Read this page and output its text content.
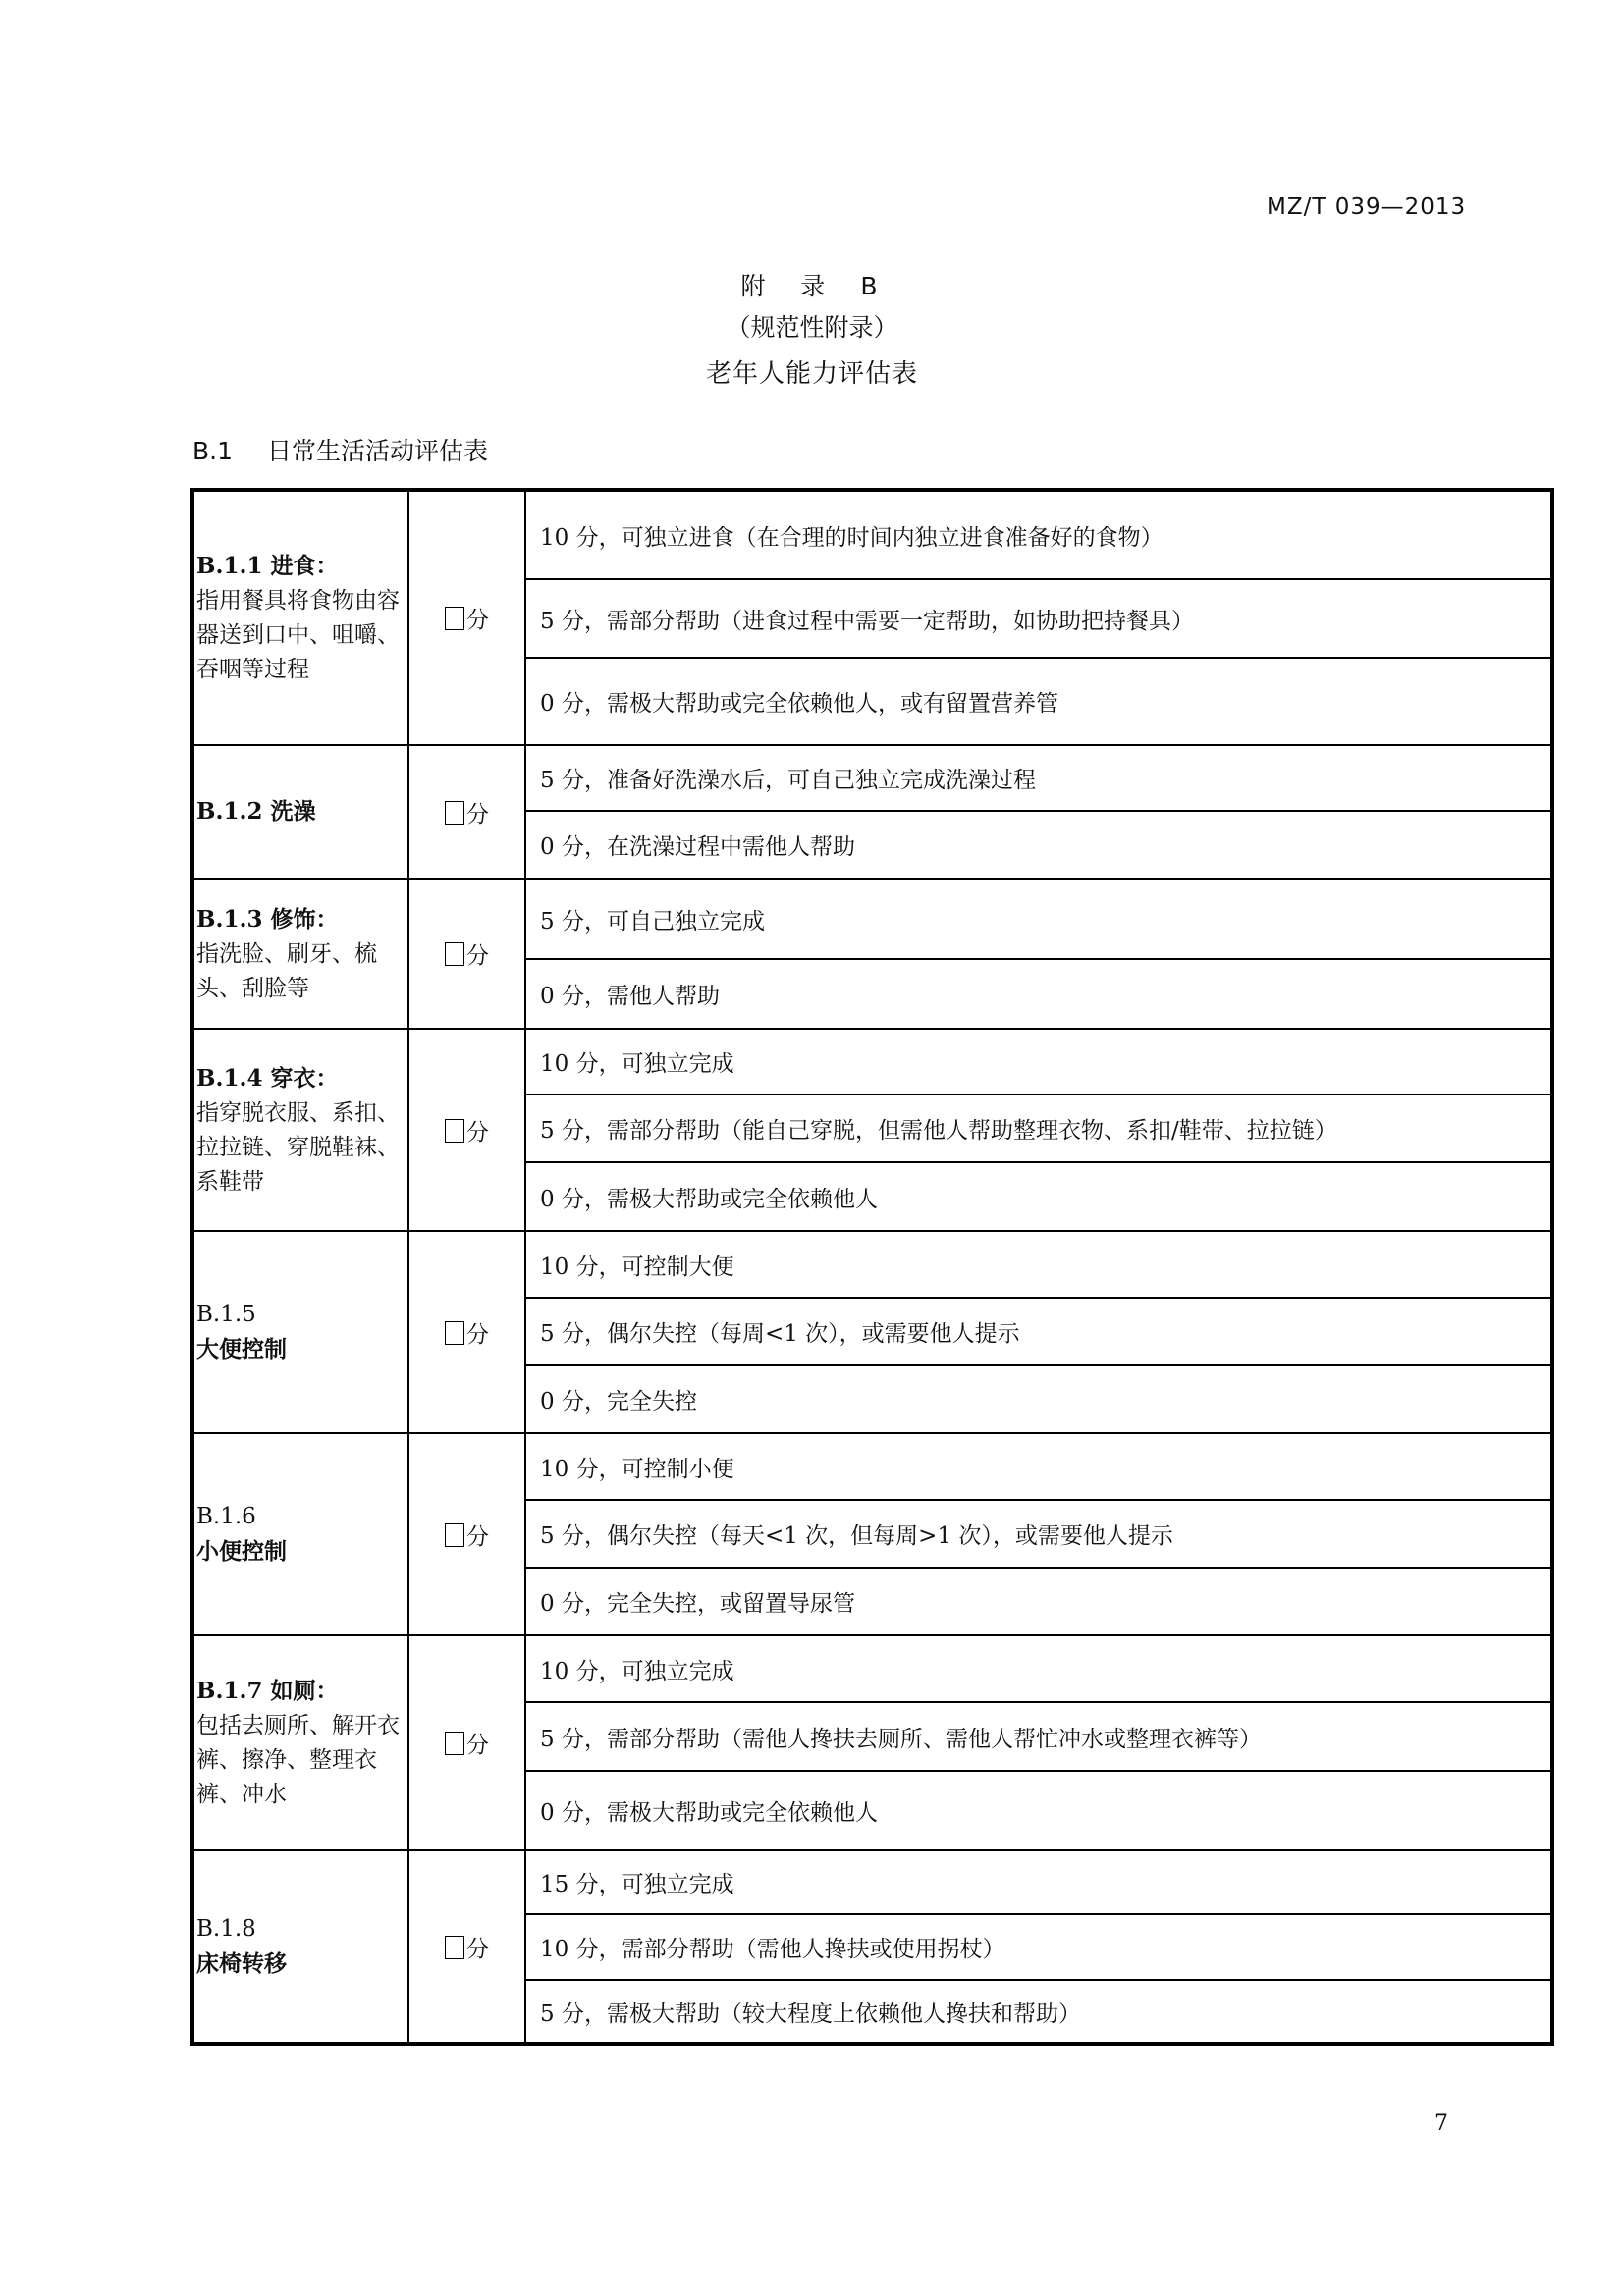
MZ/T 039—2013
附 录 B
（规范性附录）
老年人能力评估表
B.1 日常生活活动评估表
B.1.1 进食：
指用餐具将食物由容器送到口中、咀嚼、吞咽等过程	分	10 分，可独立进食（在合理的时间内独立进食准备好的食物）
		5 分，需部分帮助（进食过程中需要一定帮助，如协助把持餐具）
		0 分，需极大帮助或完全依赖他人，或有留置营养管
B.1.2 洗澡	分	5 分，准备好洗澡水后，可自己独立完成洗澡过程
		0 分，在洗澡过程中需他人帮助
B.1.3 修饰：
指洗脸、刷牙、梳头、刮脸等	分	5 分，可自己独立完成
		0 分，需他人帮助
B.1.4 穿衣：
指穿脱衣服、系扣、拉拉链、穿脱鞋袜、系鞋带	分	10 分，可独立完成
		5 分，需部分帮助（能自己穿脱，但需他人帮助整理衣物、系扣/鞋带、拉拉链）
		0 分，需极大帮助或完全依赖他人
B.1.5
大便控制	分	10 分，可控制大便
		5 分，偶尔失控（每周<1 次），或需要他人提示
		0 分，完全失控
B.1.6
小便控制	分	10 分，可控制小便
		5 分，偶尔失控（每天<1 次，但每周>1 次），或需要他人提示
		0 分，完全失控，或留置导尿管
B.1.7 如厕：
包括去厕所、解开衣裤、擦净、整理衣裤、冲水	分	10 分，可独立完成
		5 分，需部分帮助（需他人搀扶去厕所、需他人帮忙冲水或整理衣裤等）
		0 分，需极大帮助或完全依赖他人
B.1.8
床椅转移	分	15 分，可独立完成
		10 分，需部分帮助（需他人搀扶或使用拐杖）
		5 分，需极大帮助（较大程度上依赖他人搀扶和帮助）
7
